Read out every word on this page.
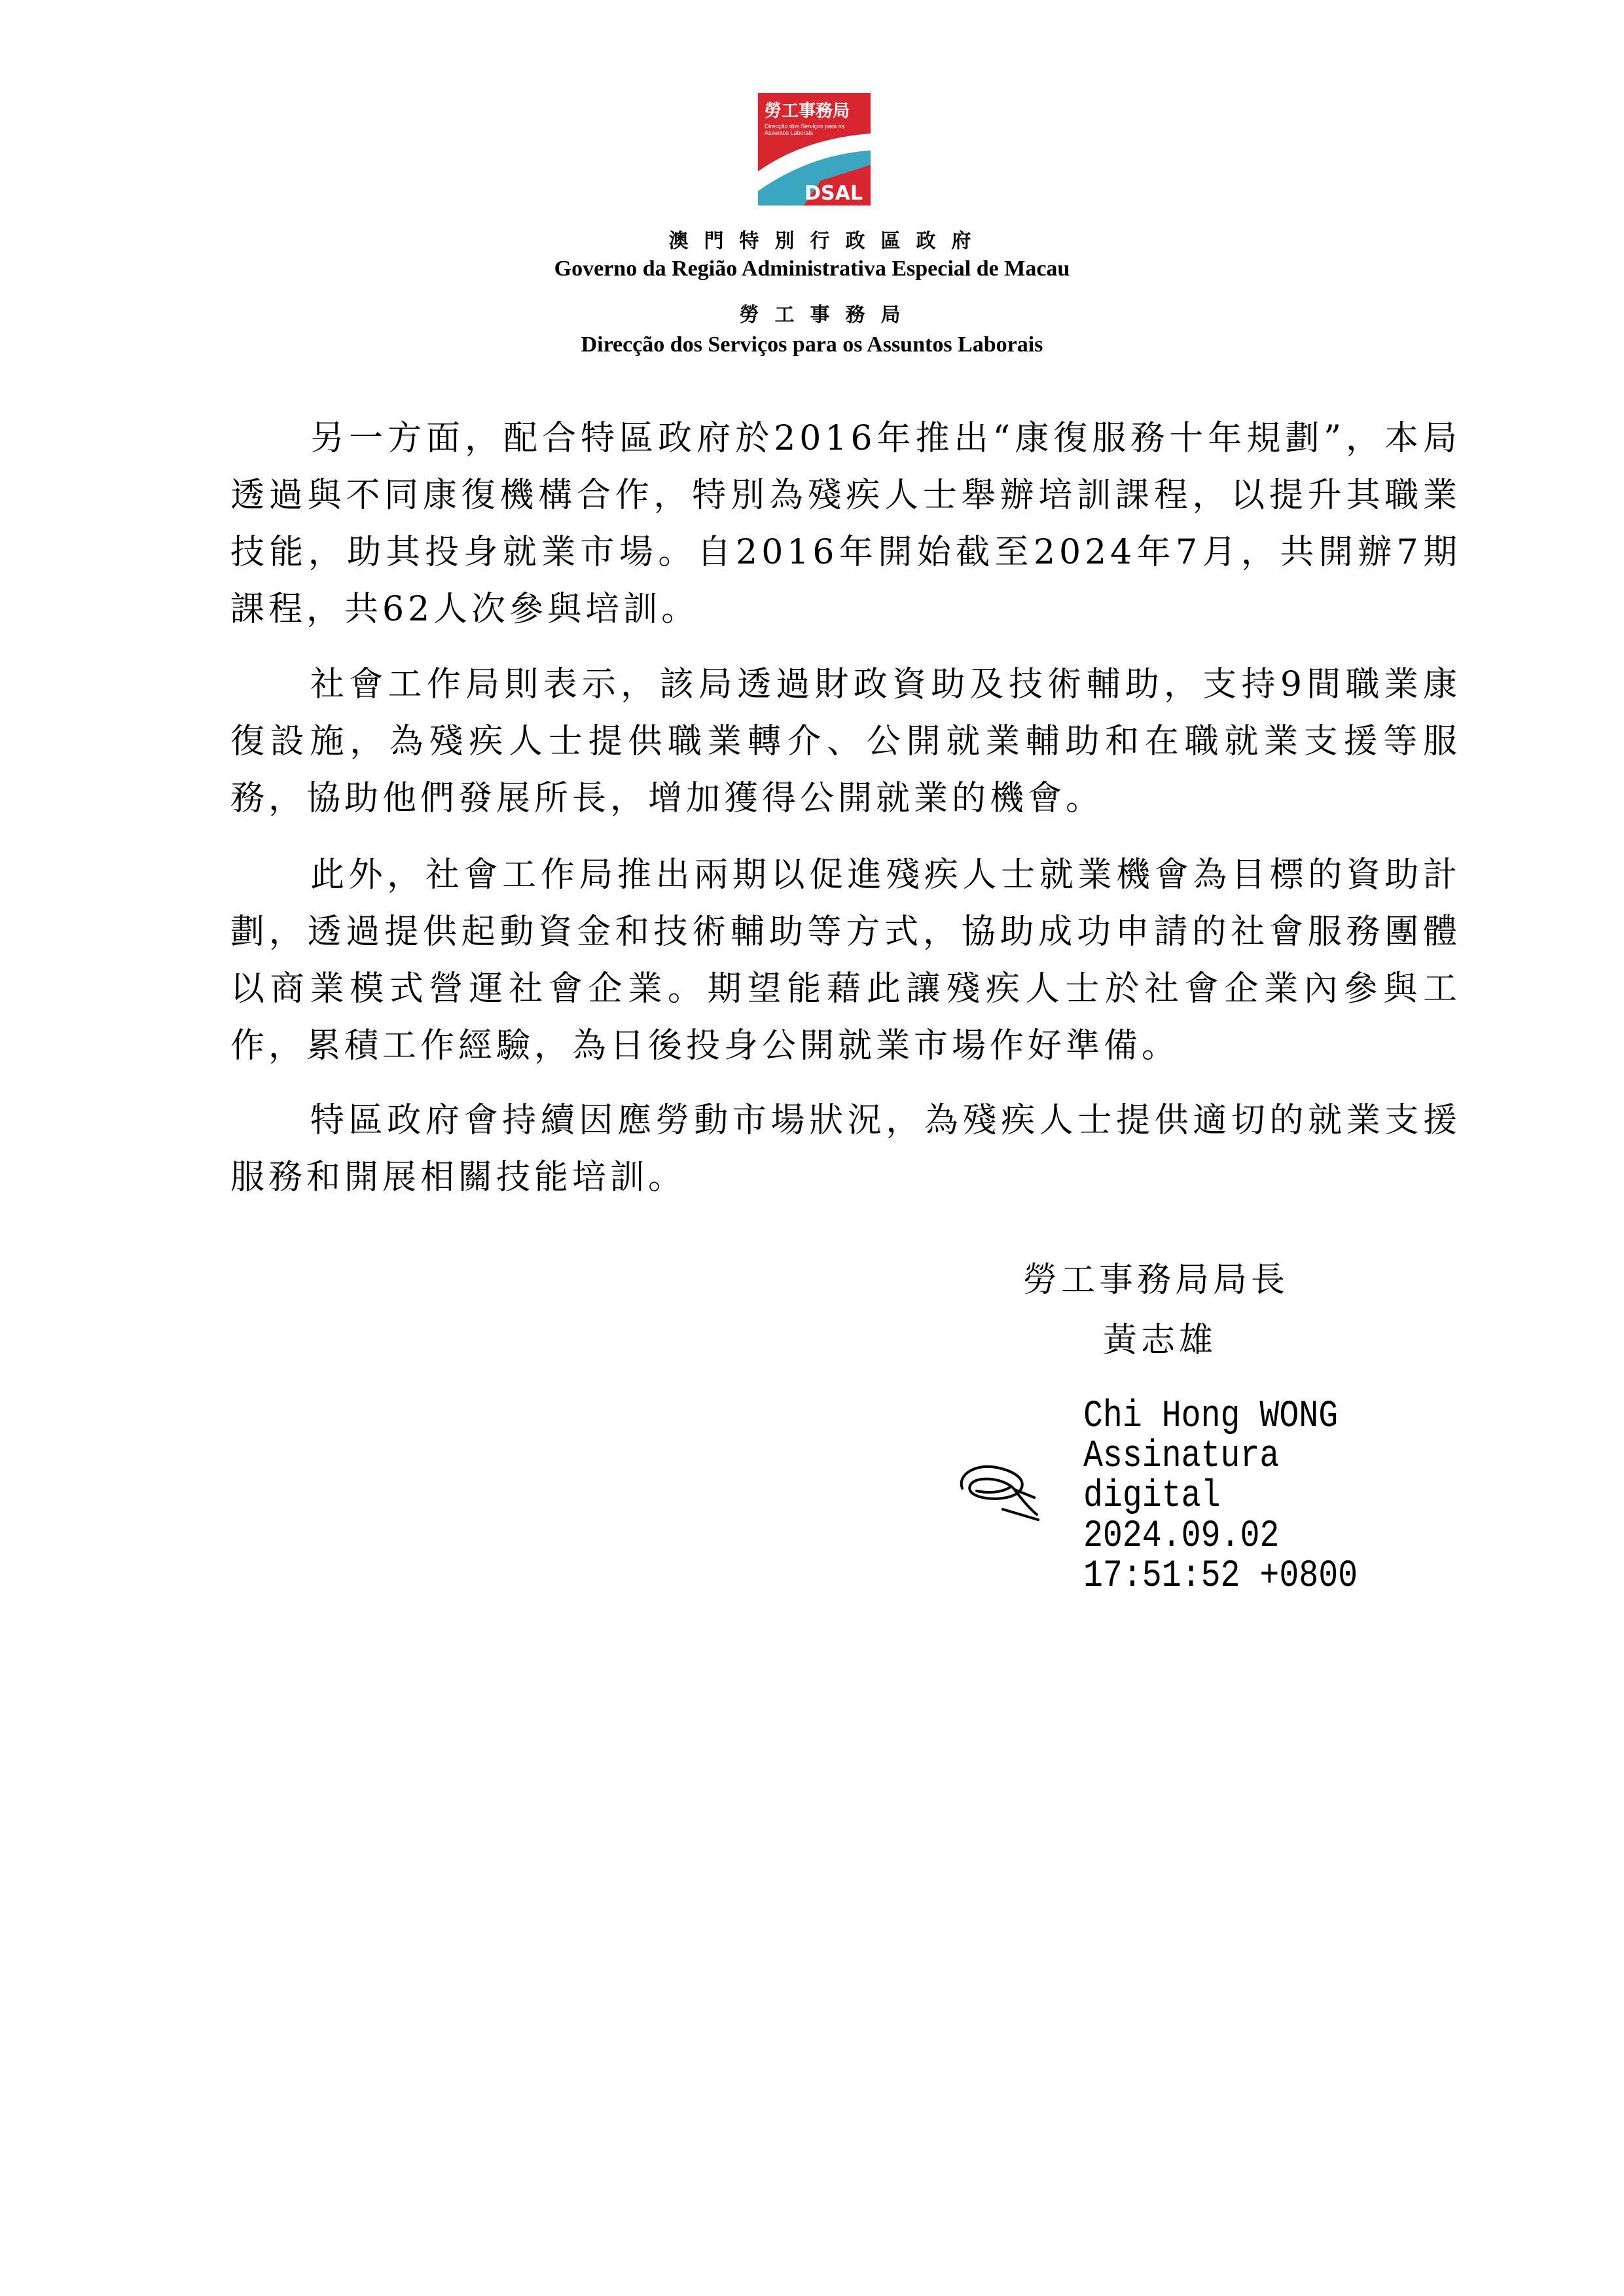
勞工事務局
Direcção dos Serviços para os Assuntos Laborais
DSAL
澳門特別行政區政府
Governo da Região Administrativa Especial de Macau
勞工事務局
Direcção dos Serviços para os Assuntos Laborais

另一方面，配合特區政府於2016年推出“康復服務十年規劃”，本局透過與不同康復機構合作，特別為殘疾人士舉辦培訓課程，以提升其職業技能，助其投身就業市場。自2016年開始截至2024年7月，共開辦7期課程，共62人次參與培訓。

社會工作局則表示，該局透過財政資助及技術輔助，支持9間職業康復設施，為殘疾人士提供職業轉介、公開就業輔助和在職就業支援等服務，協助他們發展所長，增加獲得公開就業的機會。

此外，社會工作局推出兩期以促進殘疾人士就業機會為目標的資助計劃，透過提供起動資金和技術輔助等方式，協助成功申請的社會服務團體以商業模式營運社會企業。期望能藉此讓殘疾人士於社會企業內參與工作，累積工作經驗，為日後投身公開就業市場作好準備。

特區政府會持續因應勞動市場狀況，為殘疾人士提供適切的就業支援服務和開展相關技能培訓。

勞工事務局局長
黃志雄
Chi Hong WONG
Assinatura
digital
2024.09.02
17:51:52 +0800
